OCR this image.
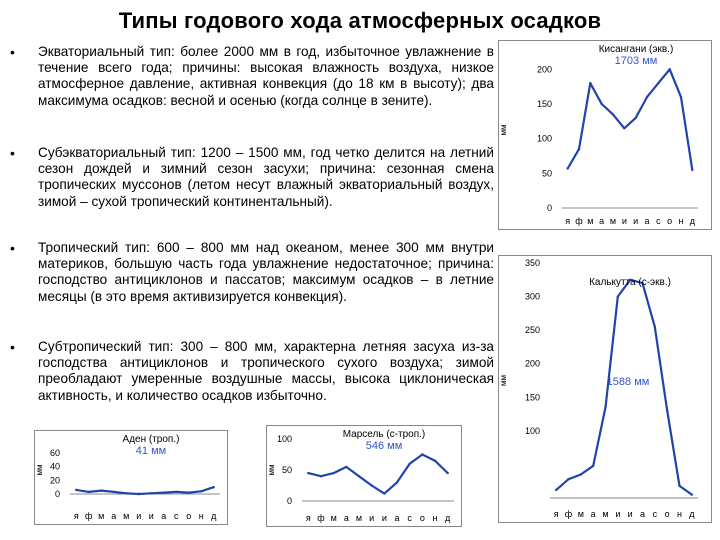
Типы годового хода атмосферных осадков
• Экваториальный тип: более 2000 мм в год, избыточное увлажнение в течение всего года; причины: высокая влажность воздуха, низкое атмосферное давление, активная конвекция (до 18 км в высоту); два максимума осадков: весной и осенью (когда солнце в зените).
• Субэкваториальный тип: 1200 – 1500 мм, год четко делится на летний сезон дождей и зимний сезон засухи; причина: сезонная смена тропических муссонов (летом несут влажный экваториальный воздух, зимой – сухой тропический континентальный).
• Тропический тип: 600 – 800 мм над океаном, менее 300 мм внутри материков, большую часть года увлажнение недостаточное; причина: господство антициклонов и пассатов; максимум осадков – в летние месяцы (в это время активизируется конвекция).
• Субтропический тип: 300 – 800 мм, характерна летняя засуха из-за господства антициклонов и тропического сухого воздуха; зимой преобладают умеренные воздушные массы, высока циклоническая активность, и количество осадков избыточно.
мм
0
50
100
150
200
я ф м а м и и а с о н д
Кисангани (экв.)
1703 мм
мм
100
150
200
250
300
350
я ф м а м и и а с о н д
Калькутта (с-экв.)
1588 мм
мм
0
20
40
60
я ф м а м и и а с о н д
Аден (троп.)
41 мм
мм
0
50
100
я ф м а м и и а с о н д
Марсель (с-троп.)
546 мм
